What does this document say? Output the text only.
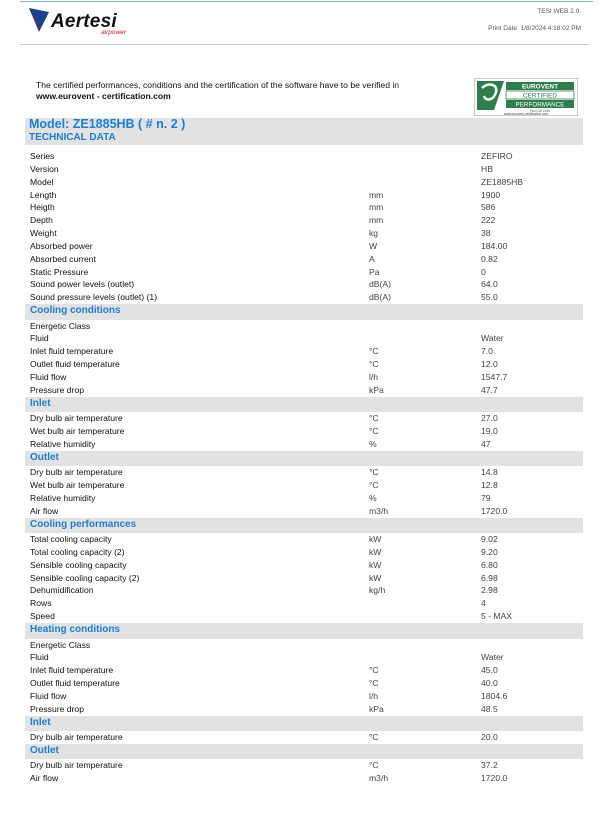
Aertesi
airpower
TESI WEB 2.0.
Print Date: 1/8/2024 4:18:02 PM
The certified performances, conditions and the certification of the software have to be verified in
www.eurovent - certification.com
EUROVENT
CERTIFIED
PERFORMANCE
Fan Coil Units
www.eurovent-certification.com
Model: ZE1885HB ( # n. 2 )
TECHNICAL DATA
Series	ZEFIRO
Version	HB
Model	ZE1885HB
Length	mm	1900
Heigth	mm	586
Depth	mm	222
Weight	kg	38
Absorbed power	W	184.00
Absorbed current	A	0.82
Static Pressure	Pa	0
Sound power levels (outlet)	dB(A)	64.0
Sound pressure levels (outlet) (1)	dB(A)	55.0
Cooling conditions
Energetic Class
Fluid	Water
Inlet fluid temperature	°C	7.0
Outlet fluid temperature	°C	12.0
Fluid flow	l/h	1547.7
Pressure drop	kPa	47.7
Inlet
Dry bulb air temperature	°C	27.0
Wet bulb air temperature	°C	19.0
Relative humidity	%	47
Outlet
Dry bulb air temperature	°C	14.8
Wet bulb air temperature	°C	12.8
Relative humidity	%	79
Air flow	m3/h	1720.0
Cooling performances
Total cooling capacity	kW	9.02
Total cooling capacity (2)	kW	9.20
Sensible cooling capacity	kW	6.80
Sensible cooling capacity (2)	kW	6.98
Dehumidification	kg/h	2.98
Rows	4
Speed	5 - MAX
Heating conditions
Energetic Class
Fluid	Water
Inlet fluid temperature	°C	45.0
Outlet fluid temperature	°C	40.0
Fluid flow	l/h	1804.6
Pressure drop	kPa	48.5
Inlet
Dry bulb air temperature	°C	20.0
Outlet
Dry bulb air temperature	°C	37.2
Air flow	m3/h	1720.0
